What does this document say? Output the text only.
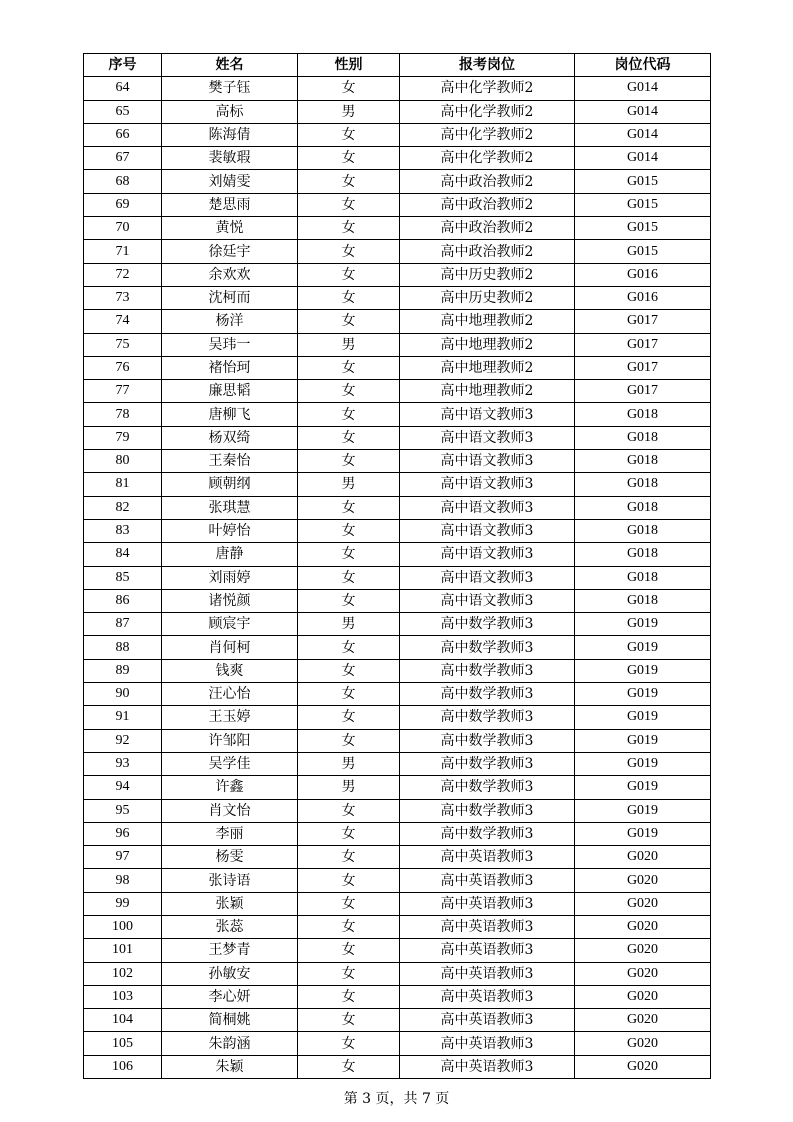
序号	姓名	性别	报考岗位	岗位代码
64	樊子钰	女	高中化学教师2	G014
65	高标	男	高中化学教师2	G014
66	陈海倩	女	高中化学教师2	G014
67	裴敏瑕	女	高中化学教师2	G014
68	刘婧雯	女	高中政治教师2	G015
69	楚思雨	女	高中政治教师2	G015
70	黄悦	女	高中政治教师2	G015
71	徐廷宇	女	高中政治教师2	G015
72	余欢欢	女	高中历史教师2	G016
73	沈柯而	女	高中历史教师2	G016
74	杨洋	女	高中地理教师2	G017
75	吴玮一	男	高中地理教师2	G017
76	褚怡珂	女	高中地理教师2	G017
77	廉思韬	女	高中地理教师2	G017
78	唐柳飞	女	高中语文教师3	G018
79	杨双绮	女	高中语文教师3	G018
80	王秦怡	女	高中语文教师3	G018
81	顾朝纲	男	高中语文教师3	G018
82	张琪慧	女	高中语文教师3	G018
83	叶婷怡	女	高中语文教师3	G018
84	唐静	女	高中语文教师3	G018
85	刘雨婷	女	高中语文教师3	G018
86	诸悦颜	女	高中语文教师3	G018
87	顾宸宇	男	高中数学教师3	G019
88	肖何柯	女	高中数学教师3	G019
89	钱爽	女	高中数学教师3	G019
90	汪心怡	女	高中数学教师3	G019
91	王玉婷	女	高中数学教师3	G019
92	许邹阳	女	高中数学教师3	G019
93	吴学佳	男	高中数学教师3	G019
94	许鑫	男	高中数学教师3	G019
95	肖文怡	女	高中数学教师3	G019
96	李丽	女	高中数学教师3	G019
97	杨雯	女	高中英语教师3	G020
98	张诗语	女	高中英语教师3	G020
99	张颖	女	高中英语教师3	G020
100	张蕊	女	高中英语教师3	G020
101	王梦青	女	高中英语教师3	G020
102	孙敏安	女	高中英语教师3	G020
103	李心妍	女	高中英语教师3	G020
104	简桐姚	女	高中英语教师3	G020
105	朱韵涵	女	高中英语教师3	G020
106	朱颖	女	高中英语教师3	G020
第 3 页，共 7 页
